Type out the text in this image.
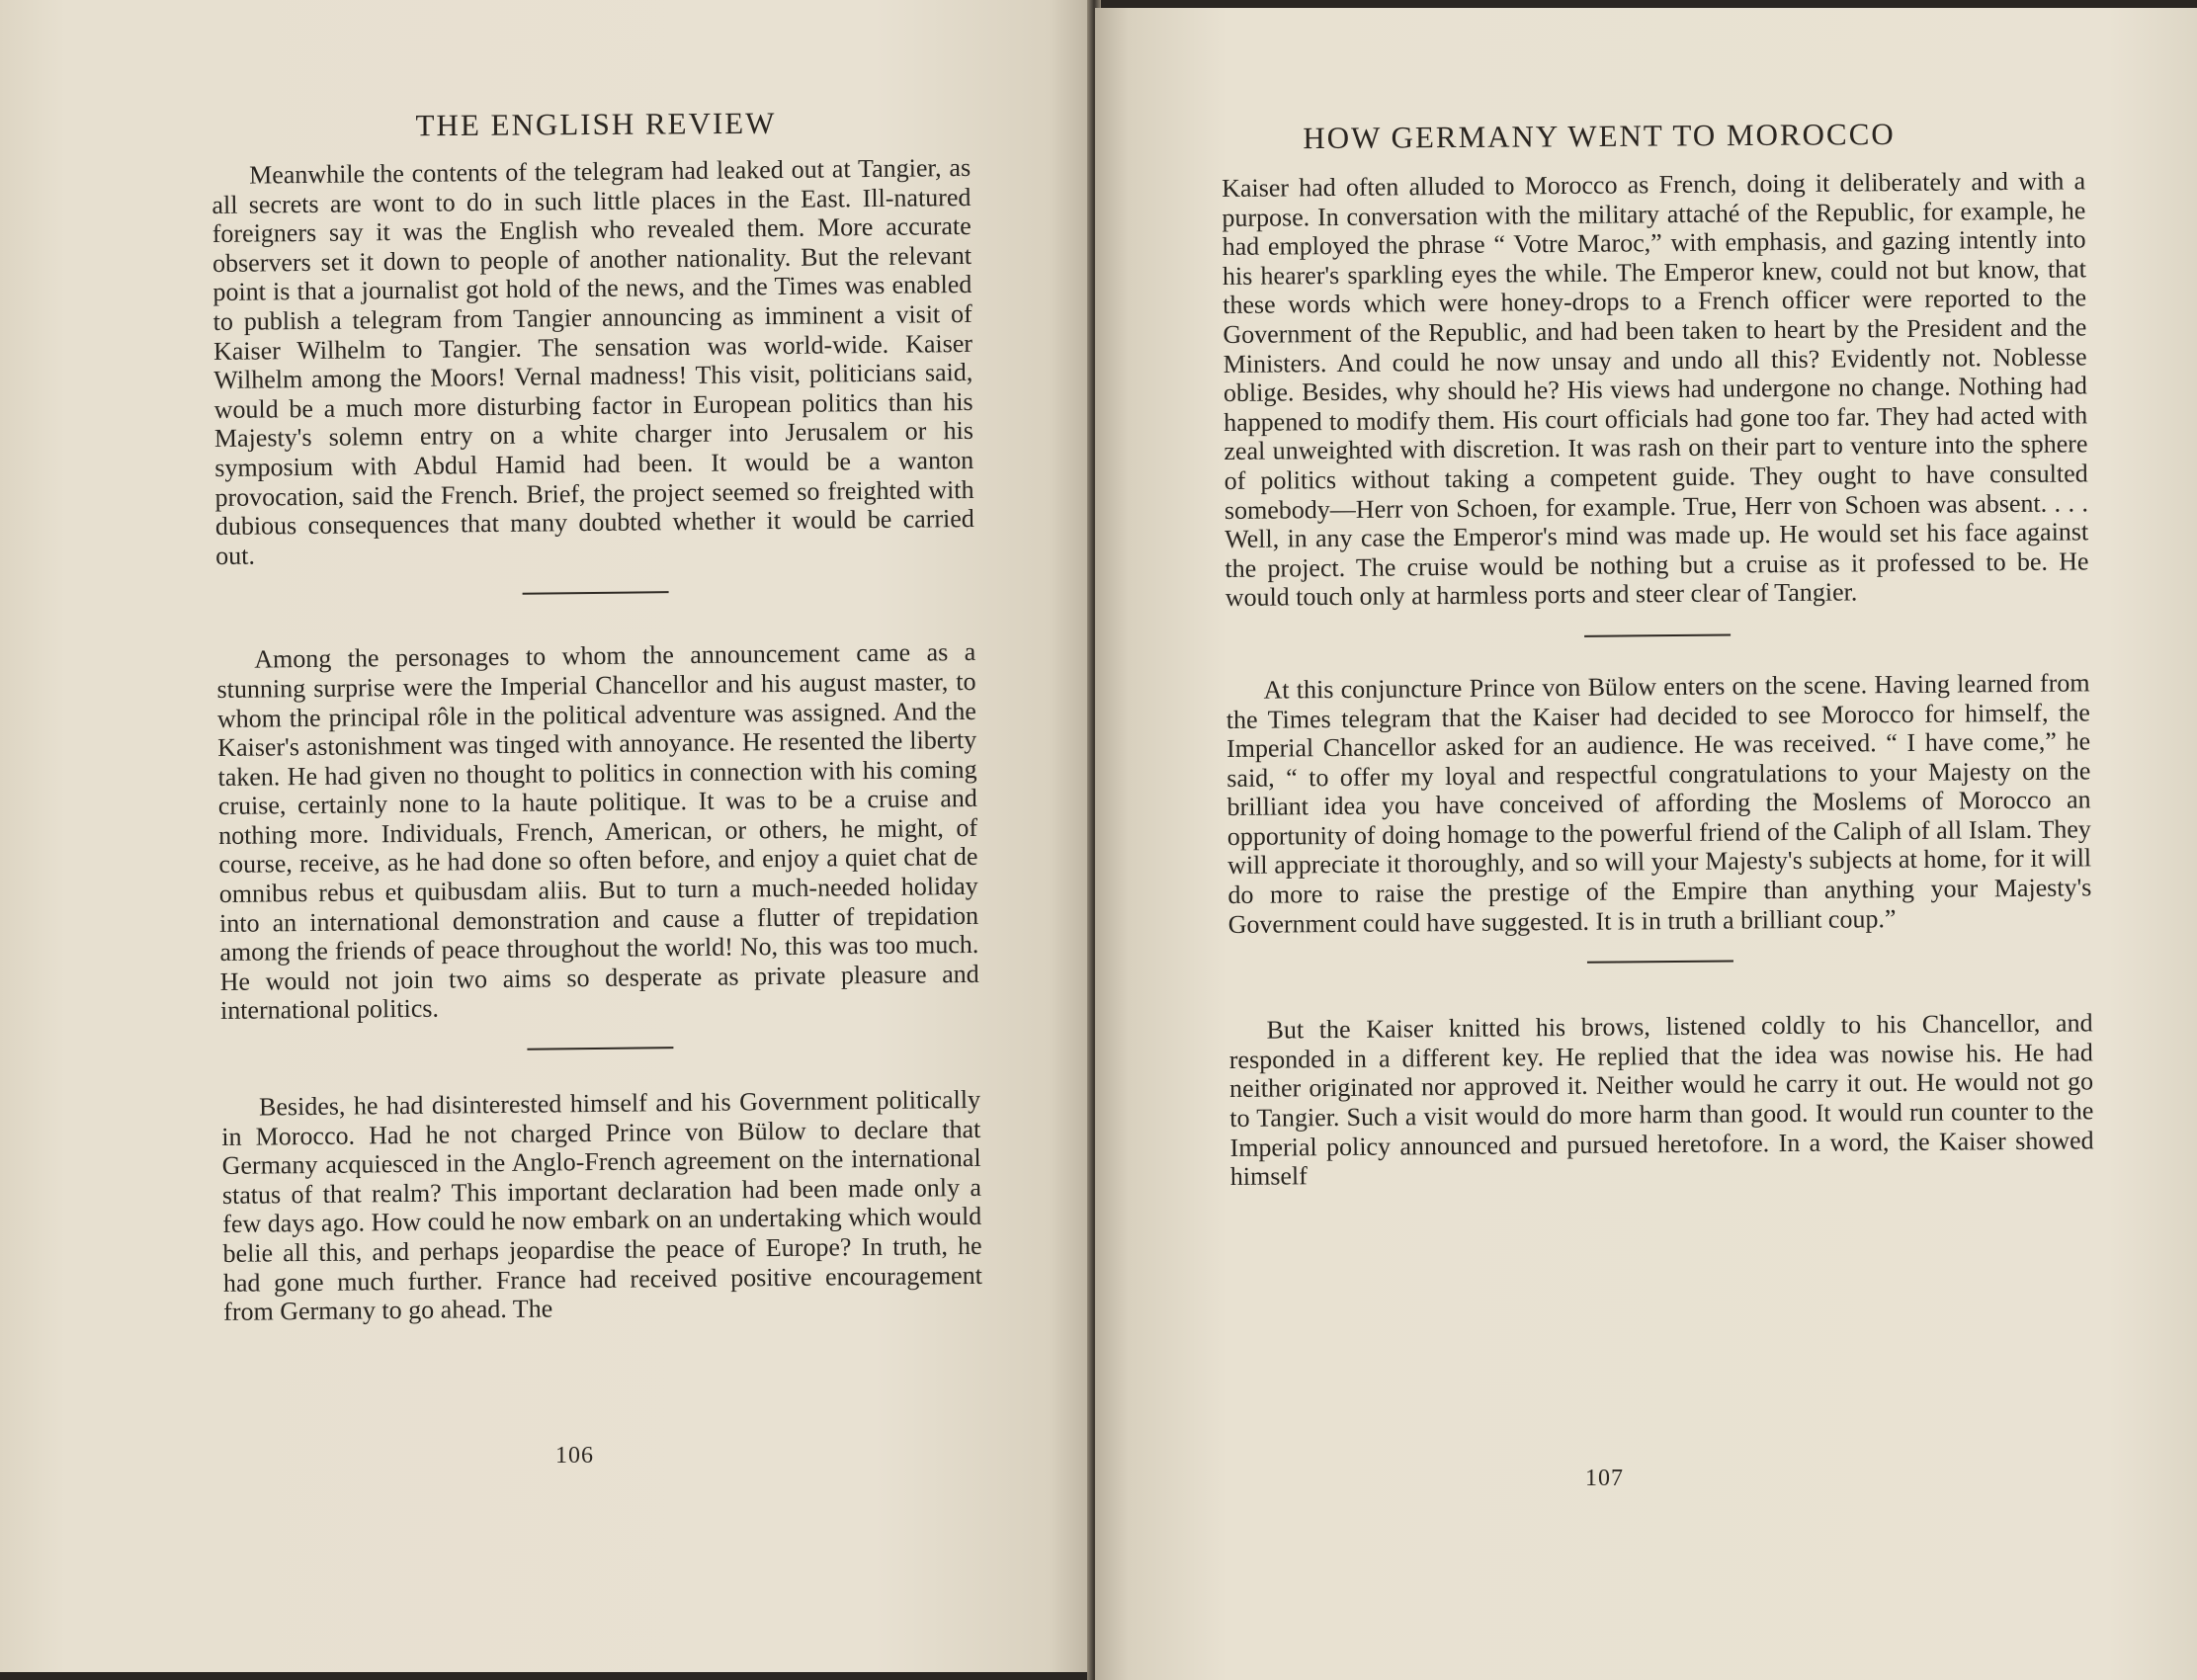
THE ENGLISH REVIEW

Meanwhile the contents of the telegram had leaked out at Tangier, as all secrets are wont to do in such little places in the East. Ill-natured foreigners say it was the English who revealed them. More accurate observers set it down to people of another nationality. But the relevant point is that a journalist got hold of the news, and the Times was enabled to publish a telegram from Tangier announcing as imminent a visit of Kaiser Wilhelm to Tangier. The sensation was world-wide. Kaiser Wilhelm among the Moors! Vernal madness! This visit, politicians said, would be a much more disturbing factor in European politics than his Majesty's solemn entry on a white charger into Jerusalem or his symposium with Abdul Hamid had been. It would be a wanton provocation, said the French. Brief, the project seemed so freighted with dubious consequences that many doubted whether it would be carried out.

Among the personages to whom the announcement came as a stunning surprise were the Imperial Chancellor and his august master, to whom the principal rôle in the political adventure was assigned. And the Kaiser's astonishment was tinged with annoyance. He resented the liberty taken. He had given no thought to politics in connection with his coming cruise, certainly none to la haute politique. It was to be a cruise and nothing more. Individuals, French, American, or others, he might, of course, receive, as he had done so often before, and enjoy a quiet chat de omnibus rebus et quibusdam aliis. But to turn a much-needed holiday into an international demonstration and cause a flutter of trepidation among the friends of peace throughout the world! No, this was too much. He would not join two aims so desperate as private pleasure and international politics.

Besides, he had disinterested himself and his Government politically in Morocco. Had he not charged Prince von Bülow to declare that Germany acquiesced in the Anglo-French agreement on the international status of that realm? This important declaration had been made only a few days ago. How could he now embark on an undertaking which would belie all this, and perhaps jeopardise the peace of Europe? In truth, he had gone much further. France had received positive encouragement from Germany to go ahead. The

106
HOW GERMANY WENT TO MOROCCO

Kaiser had often alluded to Morocco as French, doing it deliberately and with a purpose. In conversation with the military attaché of the Republic, for example, he had employed the phrase “ Votre Maroc,” with emphasis, and gazing intently into his hearer's sparkling eyes the while. The Emperor knew, could not but know, that these words which were honey-drops to a French officer were reported to the Government of the Republic, and had been taken to heart by the President and the Ministers. And could he now unsay and undo all this? Evidently not. Noblesse oblige. Besides, why should he? His views had undergone no change. Nothing had happened to modify them. His court officials had gone too far. They had acted with zeal unweighted with discretion. It was rash on their part to venture into the sphere of politics without taking a competent guide. They ought to have consulted somebody—Herr von Schoen, for example. True, Herr von Schoen was absent. . . . Well, in any case the Emperor's mind was made up. He would set his face against the project. The cruise would be nothing but a cruise as it professed to be. He would touch only at harmless ports and steer clear of Tangier.

At this conjuncture Prince von Bülow enters on the scene. Having learned from the Times telegram that the Kaiser had decided to see Morocco for himself, the Imperial Chancellor asked for an audience. He was received. “ I have come,” he said, “ to offer my loyal and respectful congratulations to your Majesty on the brilliant idea you have conceived of affording the Moslems of Morocco an opportunity of doing homage to the powerful friend of the Caliph of all Islam. They will appreciate it thoroughly, and so will your Majesty's subjects at home, for it will do more to raise the prestige of the Empire than anything your Majesty's Government could have suggested. It is in truth a brilliant coup.”

But the Kaiser knitted his brows, listened coldly to his Chancellor, and responded in a different key. He replied that the idea was nowise his. He had neither originated nor approved it. Neither would he carry it out. He would not go to Tangier. Such a visit would do more harm than good. It would run counter to the Imperial policy announced and pursued heretofore. In a word, the Kaiser showed himself

107
